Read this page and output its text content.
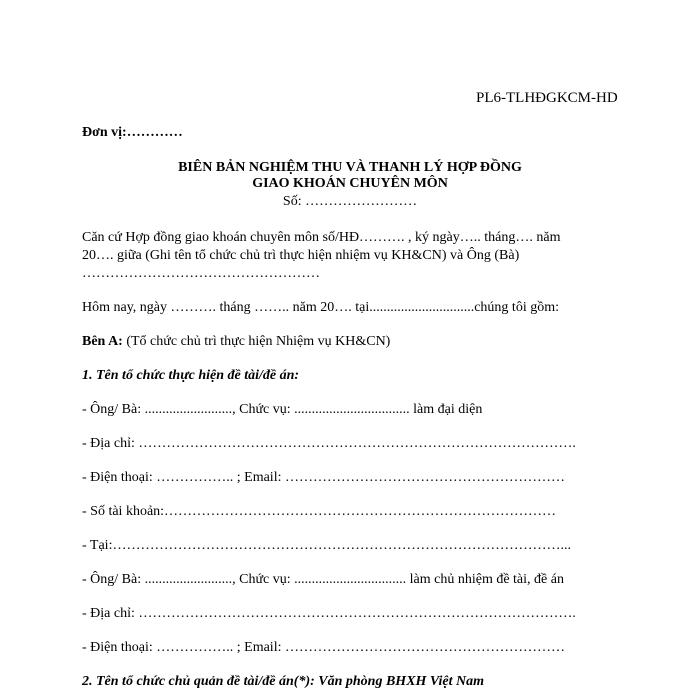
PL6-TLHĐGKCM-HD
Đơn vị:…………
BIÊN BẢN NGHIỆM THU VÀ THANH LÝ HỢP ĐỒNG
GIAO KHOÁN CHUYÊN MÔN
Số: ……………………
Căn cứ Hợp đồng giao khoán chuyên môn số/HĐ………. , ký ngày….. tháng…. năm
20…. giữa (Ghi tên tổ chức chủ trì thực hiện nhiệm vụ KH&CN) và Ông (Bà)
……………………………………………
Hôm nay, ngày ………. tháng …….. năm 20…. tại..............................chúng tôi gồm:
Bên A: (Tổ chức chủ trì thực hiện Nhiệm vụ KH&CN)
1. Tên tổ chức thực hiện đề tài/đề án:
- Ông/ Bà: ........................., Chức vụ: ................................. làm đại diện
- Địa chỉ: ………………………………………………………………………………….
- Điện thoại: …………….. ; Email: ……………………………………………………
- Số tài khoản:…………………………………………………………………………
- Tại:……………………………………………………………………………………...
- Ông/ Bà: ........................., Chức vụ: ................................ làm chủ nhiệm đề tài, đề án
- Địa chỉ: ………………………………………………………………………………….
- Điện thoại: …………….. ; Email: ……………………………………………………
2. Tên tổ chức chủ quản đề tài/đề án(*): Văn phòng BHXH Việt Nam
